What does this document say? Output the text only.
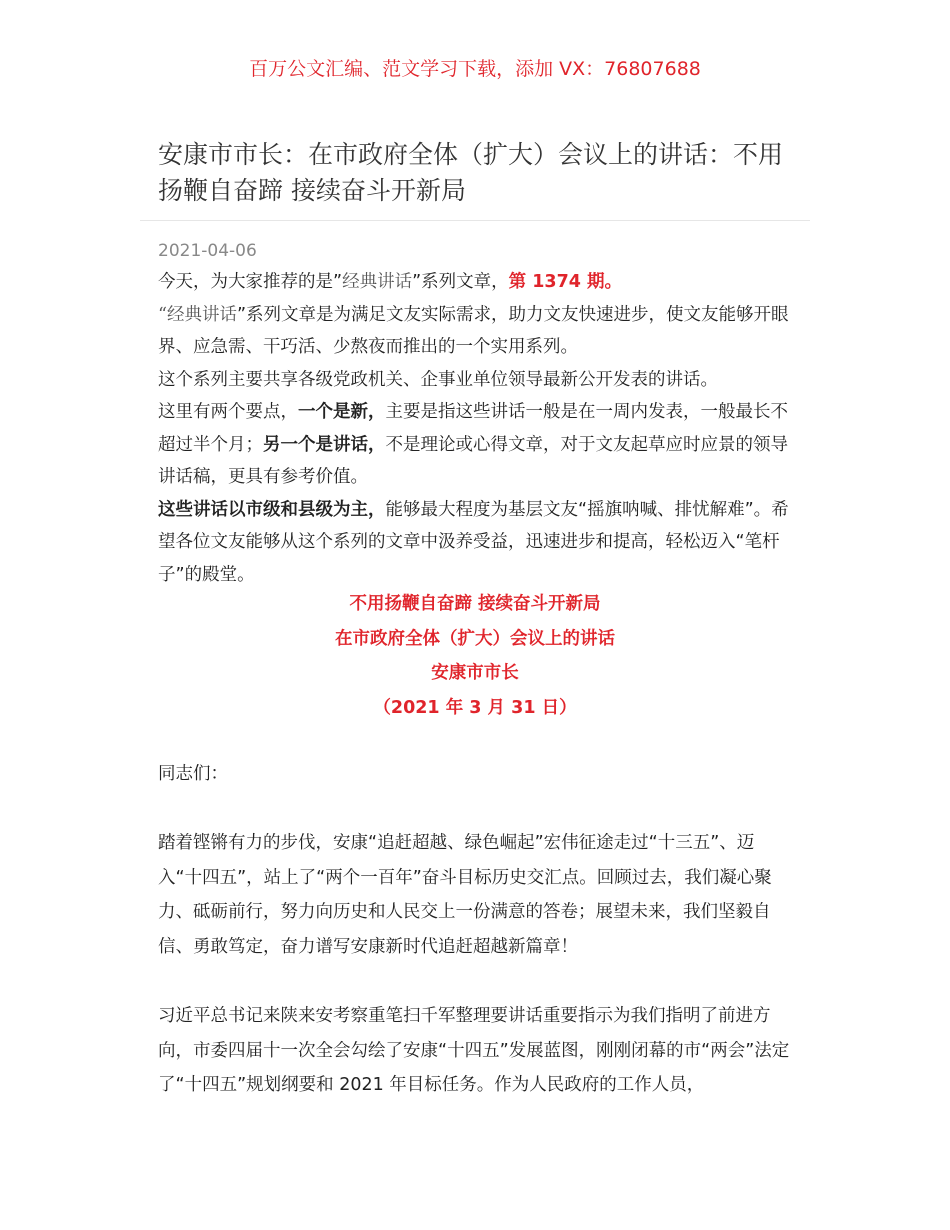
百万公文汇编、范文学习下载，添加 VX：76807688
安康市市长：在市政府全体（扩大）会议上的讲话：不用扬鞭自奋蹄 接续奋斗开新局
2021-04-06

今天，为大家推荐的是”经典讲话”系列文章，第 1374 期。

“经典讲话”系列文章是为满足文友实际需求，助力文友快速进步，使文友能够开眼界、应急需、干巧活、少熬夜而推出的一个实用系列。

这个系列主要共享各级党政机关、企事业单位领导最新公开发表的讲话。

这里有两个要点，一个是新，主要是指这些讲话一般是在一周内发表，一般最长不超过半个月；另一个是讲话，不是理论或心得文章，对于文友起草应时应景的领导讲话稿，更具有参考价值。

这些讲话以市级和县级为主，能够最大程度为基层文友“摇旗呐喊、排忧解难”。希望各位文友能够从这个系列的文章中汲养受益，迅速进步和提高，轻松迈入“笔杆子”的殿堂。

不用扬鞭自奋蹄 接续奋斗开新局
在市政府全体（扩大）会议上的讲话
安康市市长
（2021 年 3 月 31 日）

同志们：

踏着铿锵有力的步伐，安康“追赶超越、绿色崛起”宏伟征途走过“十三五”、迈入“十四五”，站上了“两个一百年”奋斗目标历史交汇点。回顾过去，我们凝心聚力、砥砺前行，努力向历史和人民交上一份满意的答卷；展望未来，我们坚毅自信、勇敢笃定，奋力谱写安康新时代追赶超越新篇章！

习近平总书记来陕来安考察重笔扫千军整理要讲话重要指示为我们指明了前进方向，市委四届十一次全会勾绘了安康“十四五”发展蓝图，刚刚闭幕的市“两会”法定了“十四五”规划纲要和 2021 年目标任务。作为人民政府的工作人员，
